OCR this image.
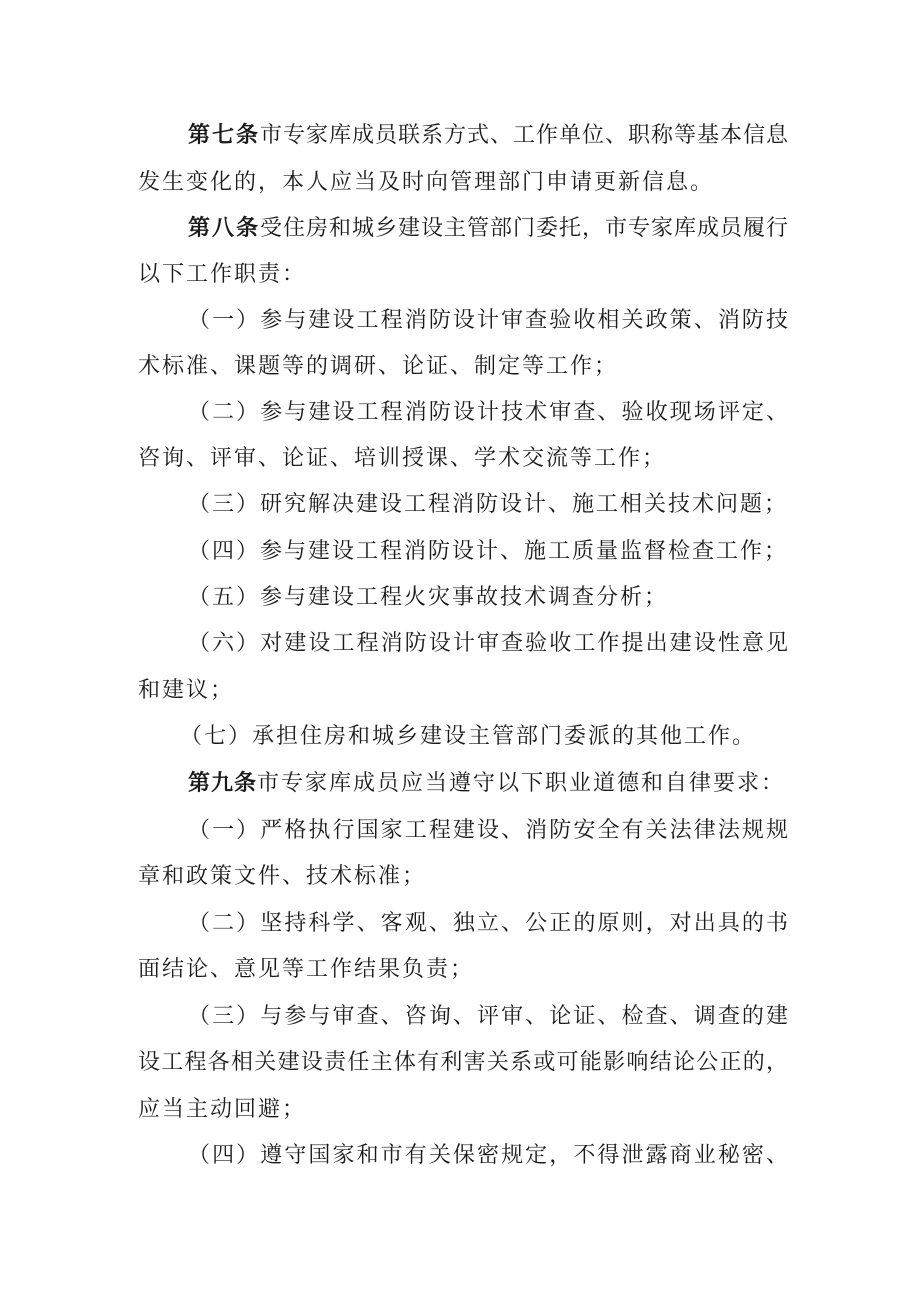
第七条市专家库成员联系方式、工作单位、职称等基本信息
发生变化的，本人应当及时向管理部门申请更新信息。
第八条受住房和城乡建设主管部门委托，市专家库成员履行
以下工作职责：
（一）参与建设工程消防设计审查验收相关政策、消防技
术标准、课题等的调研、论证、制定等工作；
（二）参与建设工程消防设计技术审查、验收现场评定、
咨询、评审、论证、培训授课、学术交流等工作；
（三）研究解决建设工程消防设计、施工相关技术问题；
（四）参与建设工程消防设计、施工质量监督检查工作；
（五）参与建设工程火灾事故技术调查分析；
（六）对建设工程消防设计审查验收工作提出建设性意见
和建议；
（七）承担住房和城乡建设主管部门委派的其他工作。
第九条市专家库成员应当遵守以下职业道德和自律要求：
（一）严格执行国家工程建设、消防安全有关法律法规规
章和政策文件、技术标准；
（二）坚持科学、客观、独立、公正的原则，对出具的书
面结论、意见等工作结果负责；
（三）与参与审查、咨询、评审、论证、检查、调查的建
设工程各相关建设责任主体有利害关系或可能影响结论公正的，
应当主动回避；
（四）遵守国家和市有关保密规定，不得泄露商业秘密、
